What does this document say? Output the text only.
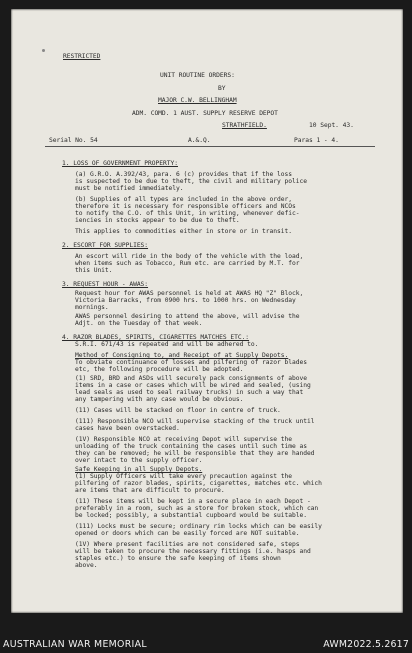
RESTRICTED
UNIT ROUTINE ORDERS:
BY
MAJOR C.W. BELLINGHAM
ADM. COMD. 1 AUST. SUPPLY RESERVE DEPOT
STRATHFIELD.	10 Sept. 43.
Serial No. 54	A.&.Q.	Paras 1 - 4.
1. LOSS OF GOVERNMENT PROPERTY:
(a) G.R.O. A.392/43, para. 6 (c) provides that if the loss
is suspected to be due to theft, the civil and military police
must be notified immediately.
(b) Supplies of all types are included in the above order,
therefore it is necessary for responsible officers and NCOs
to notify the C.O. of this Unit, in writing, whenever defic-
iencies in stocks appear to be due to theft.
This applies to commodities either in store or in transit.
2. ESCORT FOR SUPPLIES:
An escort will ride in the body of the vehicle with the load,
when items such as Tobacco, Rum etc. are carried by M.T. for
this Unit.
3. REQUEST HOUR - AWAS:
Request hour for AWAS personnel is held at AWAS HQ "Z" Block,
Victoria Barracks, from 0900 hrs. to 1000 hrs. on Wednesday
mornings.
AWAS personnel desiring to attend the above, will advise the
Adjt. on the Tuesday of that week.
4. RAZOR BLADES, SPIRITS, CIGARETTES MATCHES ETC.:
S.R.I. 671/43 is repeated and will be adhered to.
Method of Consigning to, and Receipt of at Supply Depots.
To obviate continuance of losses and pilfering of razor blades
etc, the following procedure will be adopted.
(1) SRD, BRD and ASDs will securely pack consignments of above
items in a case or cases which will be wired and sealed, (using
lead seals as used to seal railway trucks) in such a way that
any tampering with any case would be obvious.
(11) Cases will be stacked on floor in centre of truck.
(111) Responsible NCO will supervise stacking of the truck until
cases have been overstacked.
(1V) Responsible NCO at receiving Depot will supervise the
unloading of the truck containing the cases until such time as
they can be removed; he will be responsible that they are handed
over intact to the supply officer.
Safe Keeping in all Supply Depots.
(1) Supply Officers will take every precaution against the
pilfering of razor blades, spirits, cigarettes, matches etc. which
are items that are difficult to procure.
(11) These items will be kept in a secure place in each Depot -
preferably in a room, such as a store for broken stock, which can
be locked; possibly, a substantial cupboard would be suitable.
(111) Locks must be secure; ordinary rim locks which can be easily
opened or doors which can be easily forced are NOT suitable.
(1V) Where present facilities are not considered safe, steps
will be taken to procure the necessary fittings (i.e. hasps and
staples etc.) to ensure the safe keeping of items shown
above.
AUSTRALIAN WAR MEMORIAL	AWM2022.5.2617
